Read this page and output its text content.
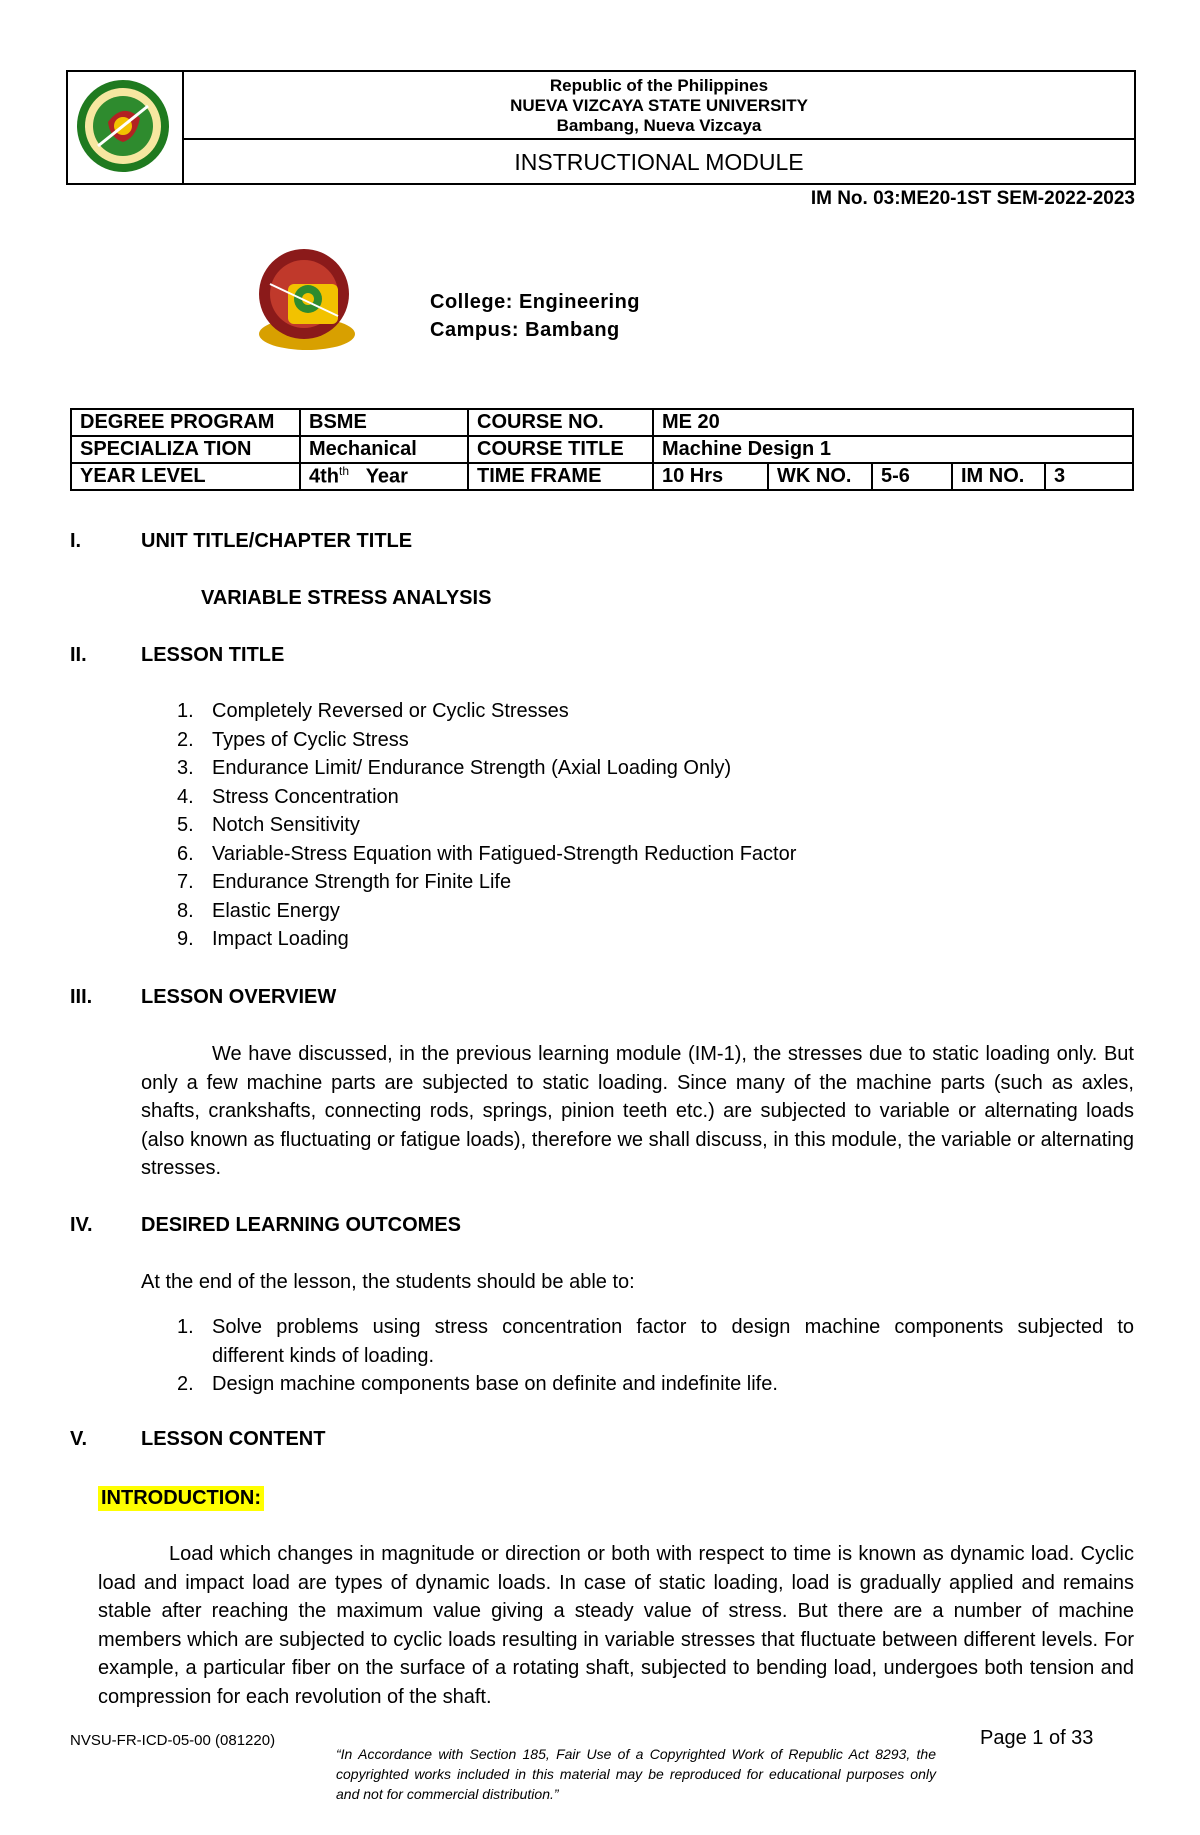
Republic of the Philippines
NUEVA VIZCAYA STATE UNIVERSITY
Bambang, Nueva Vizcaya
INSTRUCTIONAL MODULE
IM No. 03:ME20-1ST SEM-2022-2023
College: Engineering
Campus: Bambang
DEGREE PROGRAM	BSME	COURSE NO.	ME 20				
SPECIALIZA TION	Mechanical	COURSE TITLE	Machine Design 1				
YEAR LEVEL	$4th^{th}$ Year	TIME FRAME	10 Hrs	WK NO.	5-6	IM NO.	3
I.	UNIT TITLE/CHAPTER TITLE
VARIABLE STRESS ANALYSIS
II.	LESSON TITLE
1. Completely Reversed or Cyclic Stresses
2. Types of Cyclic Stress
3. Endurance Limit/ Endurance Strength (Axial Loading Only)
4. Stress Concentration
5. Notch Sensitivity
6. Variable-Stress Equation with Fatigued-Strength Reduction Factor
7. Endurance Strength for Finite Life
8. Elastic Energy
9. Impact Loading
III. LESSON OVERVIEW
We have discussed, in the previous learning module (IM-1), the stresses due to static loading only. But only a few machine parts are subjected to static loading. Since many of the machine parts (such as axles, shafts, crankshafts, connecting rods, springs, pinion teeth etc.) are subjected to variable or alternating loads (also known as fluctuating or fatigue loads), therefore we shall discuss, in this module, the variable or alternating stresses.
IV. DESIRED LEARNING OUTCOMES
At the end of the lesson, the students should be able to:
1. Solve problems using stress concentration factor to design machine components subjected to
different kinds of loading.
2. Design machine components base on definite and indefinite life.
V.	LESSON CONTENT
INTRODUCTION:
Load which changes in magnitude or direction or both with respect to time is known as dynamic load. Cyclic load and impact load are types of dynamic loads. In case of static loading, load is gradually applied and remains stable after reaching the maximum value giving a steady value of stress. But there are a number of machine members which are subjected to cyclic loads resulting in variable stresses that fluctuate between different levels. For example, a particular fiber on the surface of a rotating shaft, subjected to bending load, undergoes both tension and compression for each revolution of the shaft.
NVSU-FR-ICD-05-00 (081220)
“In Accordance with Section 185, Fair Use of a Copyrighted Work of Republic Act 8293, the copyrighted works included in this material may be reproduced for educational purposes only and not for commercial distribution.”
Page 1 of 33
